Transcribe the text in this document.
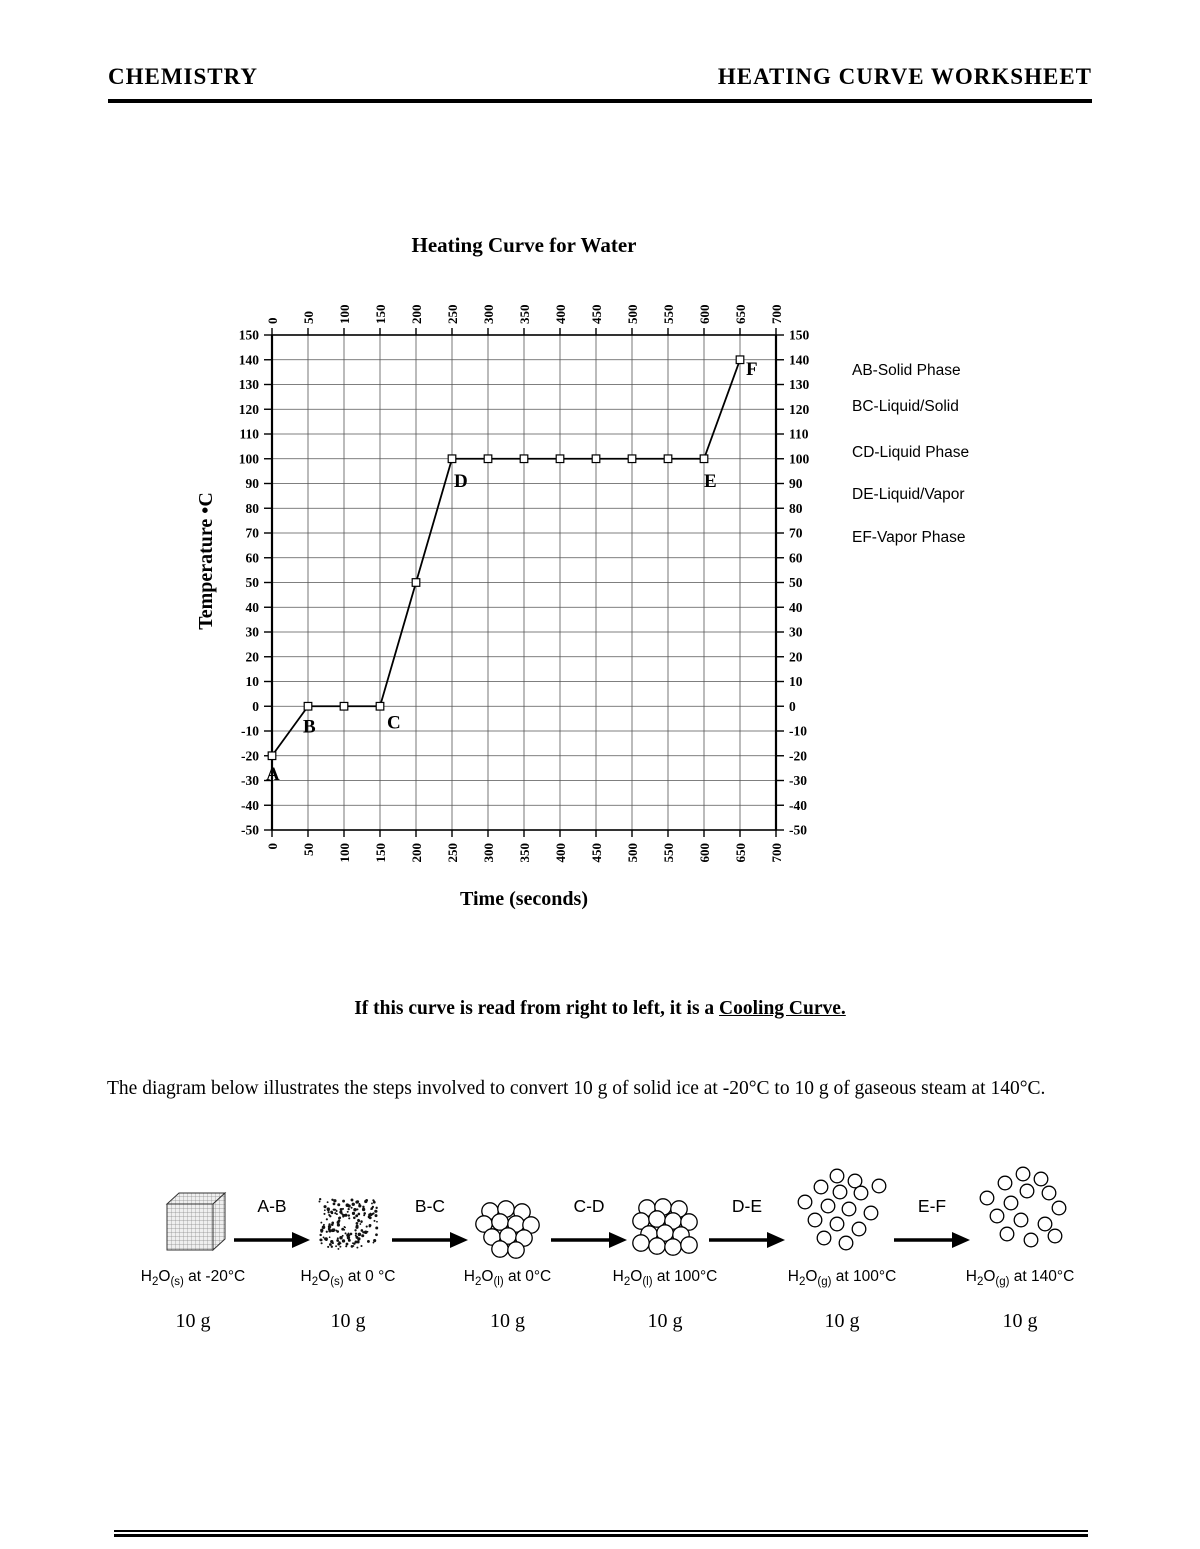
CHEMISTRY	HEATING CURVE WORKSHEET
Heating Curve for Water
0
0
50
50
100
100
150
150
200
200
250
250
300
300
350
350
400
400
450
450
500
500
550
550
600
600
650
650
700
700
150	150
140	140
130	130
120	120
110	110
100	100
90	90
80	80
70	70
60	60
50	50
40	40
30	30
20	20
10	10
0	0
-10	-10
-20	-20
-30	-30
-40	-40
-50	-50
A
B	C
D	E
F
Temperature •C
Time (seconds)
AB-Solid Phase
BC-Liquid/Solid
CD-Liquid Phase
DE-Liquid/Vapor
EF-Vapor Phase
If this curve is read from right to left, it is a Cooling Curve.
The diagram below illustrates the steps involved to convert 10 g of solid ice at -20°C to 10 g of gaseous steam at 140°C.
$H_2O_{(s)}$ at -20°C
10 g
$H_2O_{(s)}$ at 0 °C
10 g
$H_2O_{(l)}$ at 0°C
10 g
$H_2O_{(l)}$ at 100°C
10 g
$H_2O_{(g)}$ at 100°C
10 g
$H_2O_{(g)}$ at 140°C
10 g
A-B	B-C	C-D	D-E	E-F
